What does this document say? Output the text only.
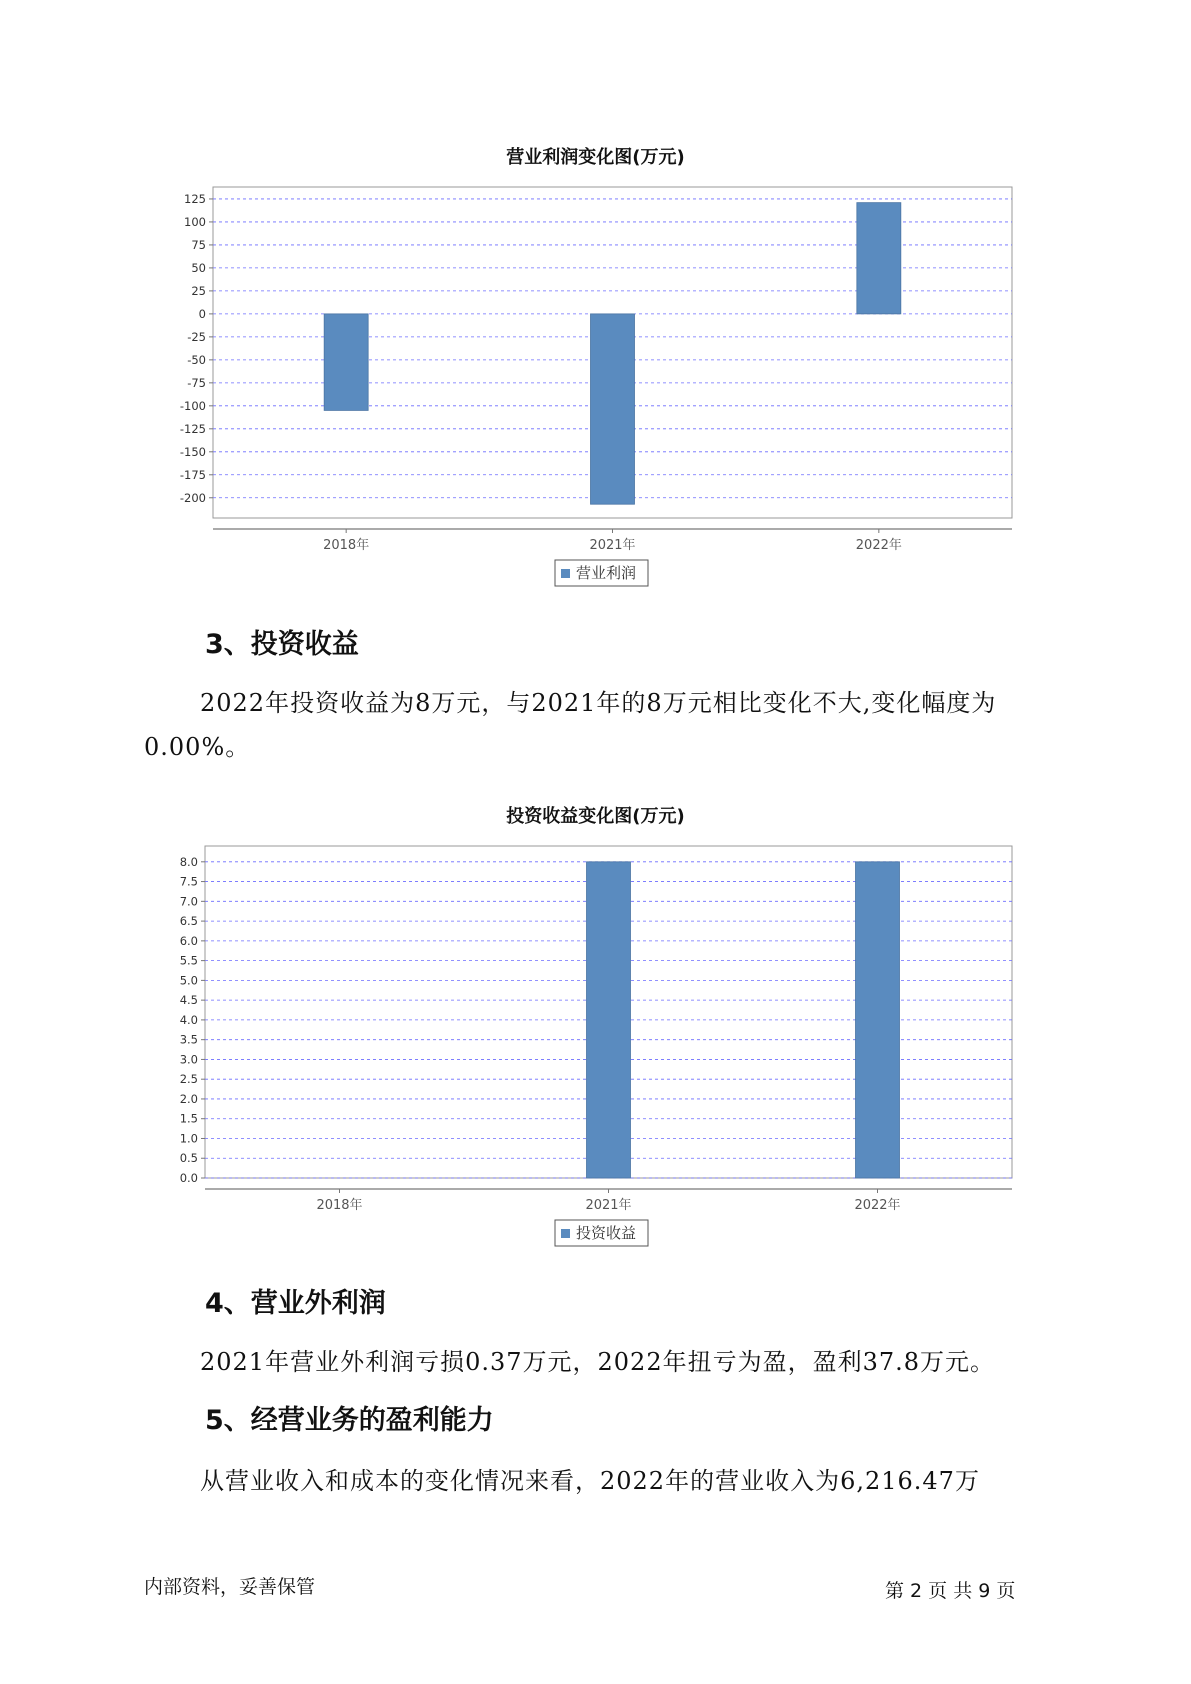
营业利润变化图(万元)
125
100
75
50
25
0
-25
-50
-75
-100
-125
-150
-175
-200
2018年	2021年	2022年
营业利润
3、投资收益
2022年投资收益为8万元，与2021年的8万元相比变化不大,变化幅度为
0.00%。
投资收益变化图(万元)
8.0
7.5
7.0
6.5
6.0
5.5
5.0
4.5
4.0
3.5
3.0
2.5
2.0
1.5
1.0
0.5
0.0
2018年	2021年	2022年
投资收益
4、营业外利润
2021年营业外利润亏损0.37万元，2022年扭亏为盈，盈利37.8万元。
5、经营业务的盈利能力
从营业收入和成本的变化情况来看，2022年的营业收入为6,216.47万
内部资料，妥善保管	第 2 页 共 9 页
